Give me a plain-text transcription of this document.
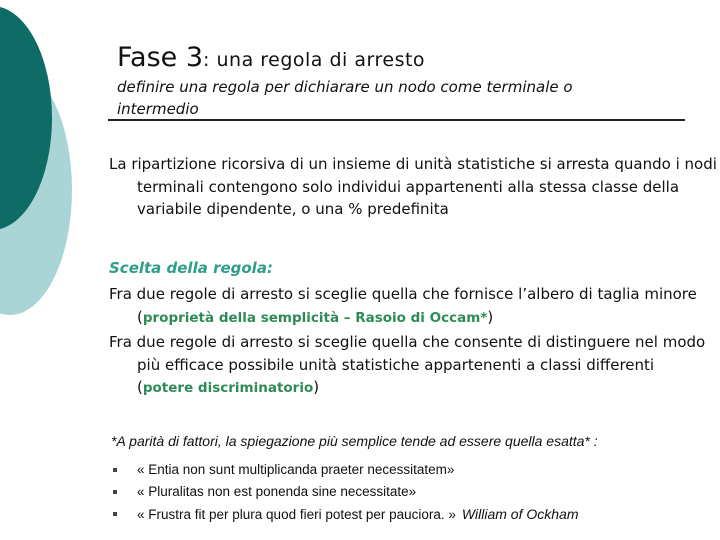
Fase 3: una regola di arresto
definire una regola per dichiarare un nodo come terminale o intermedio
La ripartizione ricorsiva di un insieme di unità statistiche si arresta quando i nodi terminali contengono solo individui appartenenti alla stessa classe della variabile dipendente, o una % predefinita
Scelta della regola:
Fra due regole di arresto si sceglie quella che fornisce l’albero di taglia minore (proprietà della semplicità – Rasoio di Occam*)
Fra due regole di arresto si sceglie quella che consente di distinguere nel modo più efficace possibile unità statistiche appartenenti a classi differenti
(potere discriminatorio)
*A parità di fattori, la spiegazione più semplice tende ad essere quella esatta* :
« Entia non sunt multiplicanda praeter necessitatem»
« Pluralitas non est ponenda sine necessitate»
« Frustra fit per plura quod fieri potest per pauciora. » William of Ockham
